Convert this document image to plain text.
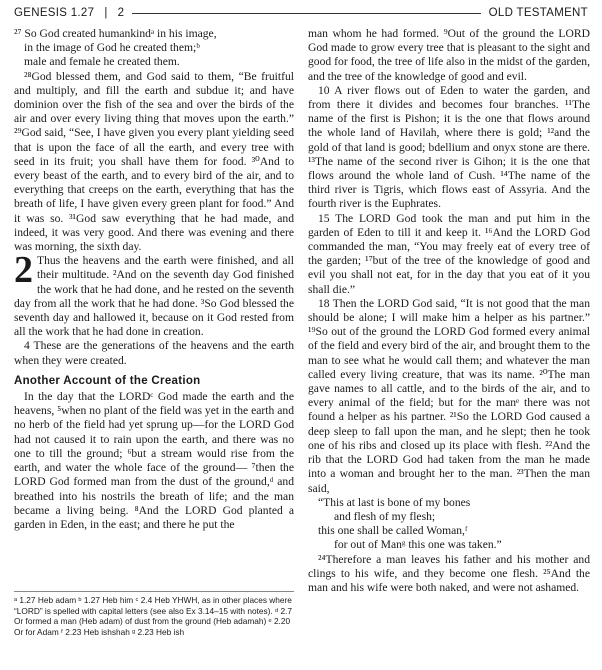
GENESIS 1.27 | 2	OLD TESTAMENT

²⁷ So God created humankindᵃ in his image,

in the image of God he created them;ᵇ

male and female he created them.

²⁸God blessed them, and God said to them, “Be fruitful and multiply, and fill the earth and subdue it; and have dominion over the fish of the sea and over the birds of the air and over every living thing that moves upon the earth.” ²⁹God said, “See, I have given you every plant yielding seed that is upon the face of all the earth, and every tree with seed in its fruit; you shall have them for food. ³⁰And to every beast of the earth, and to every bird of the air, and to everything that creeps on the earth, everything that has the breath of life, I have given every green plant for food.” And it was so. ³¹God saw everything that he had made, and indeed, it was very good. And there was evening and there was morning, the sixth day.

2 Thus the heavens and the earth were finished, and all their multitude. ²And on the seventh day God finished the work that he had done, and he rested on the seventh day from all the work that he had done. ³So God blessed the seventh day and hallowed it, because on it God rested from all the work that he had done in creation.

4 These are the generations of the heavens and the earth when they were created.

Another Account of the Creation

In the day that the LORDᶜ God made the earth and the heavens, ⁵when no plant of the field was yet in the earth and no herb of the field had yet sprung up—for the LORD God had not caused it to rain upon the earth, and there was no one to till the ground; ⁶but a stream would rise from the earth, and water the whole face of the ground— ⁷then the LORD God formed man from the dust of the ground,ᵈ and breathed into his nostrils the breath of life; and the man became a living being. ⁸And the LORD God planted a garden in Eden, in the east; and there he put the

man whom he had formed. ⁹Out of the ground the LORD God made to grow every tree that is pleasant to the sight and good for food, the tree of life also in the midst of the garden, and the tree of the knowledge of good and evil.

10 A river flows out of Eden to water the garden, and from there it divides and becomes four branches. ¹¹The name of the first is Pishon; it is the one that flows around the whole land of Havilah, where there is gold; ¹²and the gold of that land is good; bdellium and onyx stone are there. ¹³The name of the second river is Gihon; it is the one that flows around the whole land of Cush. ¹⁴The name of the third river is Tigris, which flows east of Assyria. And the fourth river is the Euphrates.

15 The LORD God took the man and put him in the garden of Eden to till it and keep it. ¹⁶And the LORD God commanded the man, “You may freely eat of every tree of the garden; ¹⁷but of the tree of the knowledge of good and evil you shall not eat, for in the day that you eat of it you shall die.”

18 Then the LORD God said, “It is not good that the man should be alone; I will make him a helper as his partner.” ¹⁹So out of the ground the LORD God formed every animal of the field and every bird of the air, and brought them to the man to see what he would call them; and whatever the man called every living creature, that was its name. ²⁰The man gave names to all cattle, and to the birds of the air, and to every animal of the field; but for the manᵉ there was not found a helper as his partner. ²¹So the LORD God caused a deep sleep to fall upon the man, and he slept; then he took one of his ribs and closed up its place with flesh. ²²And the rib that the LORD God had taken from the man he made into a woman and brought her to the man. ²³Then the man said,

“This at last is bone of my bones

and flesh of my flesh;

this one shall be called Woman,ᶠ

for out of Manᵍ this one was taken.”

²⁴Therefore a man leaves his father and his mother and clings to his wife, and they become one flesh. ²⁵And the man and his wife were both naked, and were not ashamed.

ᵃ 1.27 Heb adam ᵇ 1.27 Heb him ᶜ 2.4 Heb YHWH, as in other places where “LORD” is spelled with capital letters (see also Ex 3.14–15 with notes). ᵈ 2.7 Or formed a man (Heb adam) of dust from the ground (Heb adamah) ᵉ 2.20 Or for Adam ᶠ 2.23 Heb ishshah ᵍ 2.23 Heb ish
